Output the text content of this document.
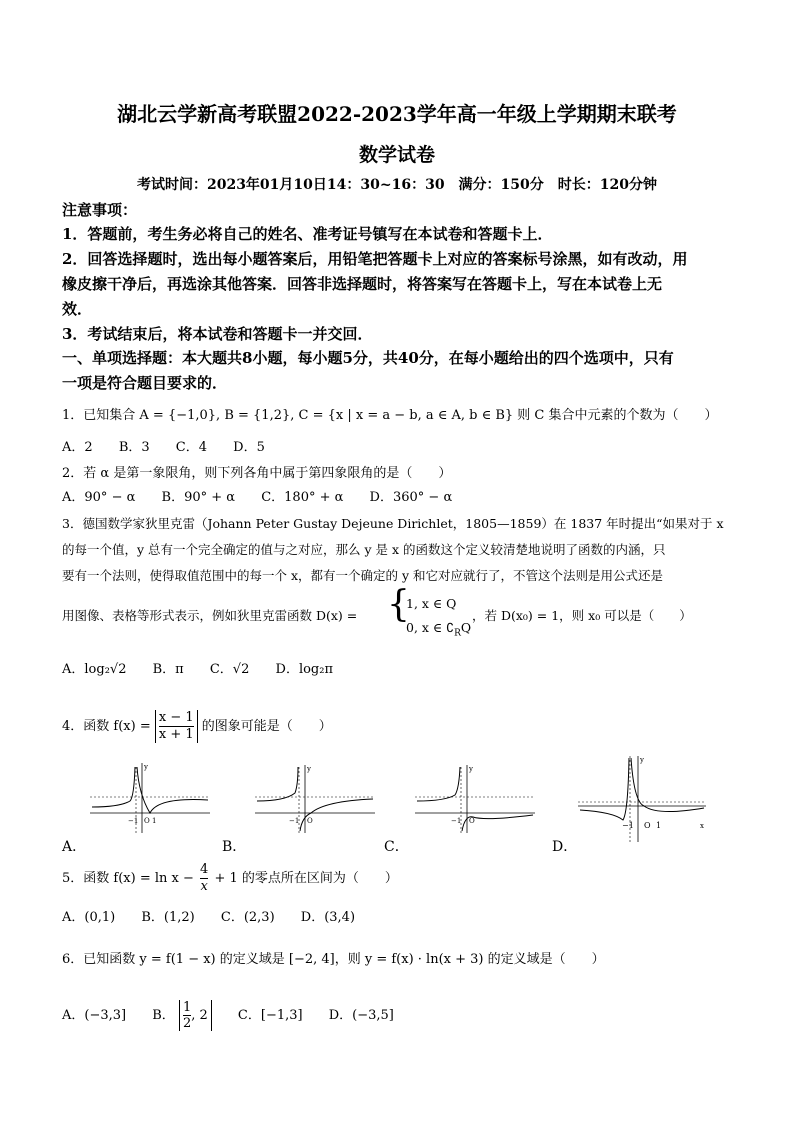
湖北云学新高考联盟2022-2023学年高一年级上学期期末联考
数学试卷
考试时间：2023年01月10日14：30~16：30　满分：150分　时长：120分钟
注意事项：
1．答题前，考生务必将自己的姓名、准考证号镇写在本试卷和答题卡上．
2．回答选择题时，选出每小题答案后，用铅笔把答题卡上对应的答案标号涂黑，如有改动，用
橡皮擦干净后，再选涂其他答案．回答非选择题时，将答案写在答题卡上，写在本试卷上无
效．
3．考试结束后，将本试卷和答题卡一并交回．
一、单项选择题：本大题共8小题，每小题5分，共40分，在每小题给出的四个选项中，只有
一项是符合题目要求的．
1．已知集合 A = {−1,0}, B = {1,2}, C = {x | x = a − b, a ∈ A, b ∈ B} 则 C 集合中元素的个数为（　　）
A．2 B．3 C．4 D．5
2．若 α 是第一象限角，则下列各角中属于第四象限角的是（　　）
A．90° − α B．90° + α C．180° + α D．360° − α
3．德国数学家狄里克雷（Johann Peter Gustay Dejeune Dirichlet，1805—1859）在 1837 年时提出“如果对于 x
的每一个值，y 总有一个完全确定的值与之对应，那么 y 是 x 的函数这个定义较清楚地说明了函数的内涵，只
要有一个法则，使得取值范围中的每一个 x，都有一个确定的 y 和它对应就行了，不管这个法则是用公式还是
用图像、表格等形式表示，例如狄里克雷函数 D(x) = {
1, x ∈ Q
0, x ∈ $∁_RQ$
，若 D(x₀) = 1，则 x₀ 可以是（　　）
A．log₂√2 B．π C．√2 D．log₂π
4．函数 $f(x) = \frac{x - 1}{x + 1}$ 的图象可能是（　　）
y
−1 O 1
y
−1 O
y
−1 O
y
−1 O 1	x
A．	B．	C．	D．
5．函数 $f(x) = \ln x - \frac{4}{x} + 1$ 的零点所在区间为（　　）
A．(0,1) B．(1,2) C．(2,3) D．(3,4)
6．已知函数 y = f(1 − x) 的定义域是 [−2, 4]，则 y = f(x) · ln(x + 3) 的定义域是（　　）
A．(−3,3] B． $\frac{1}{2}$ , 2 C．[−1,3] D．(−3,5]
